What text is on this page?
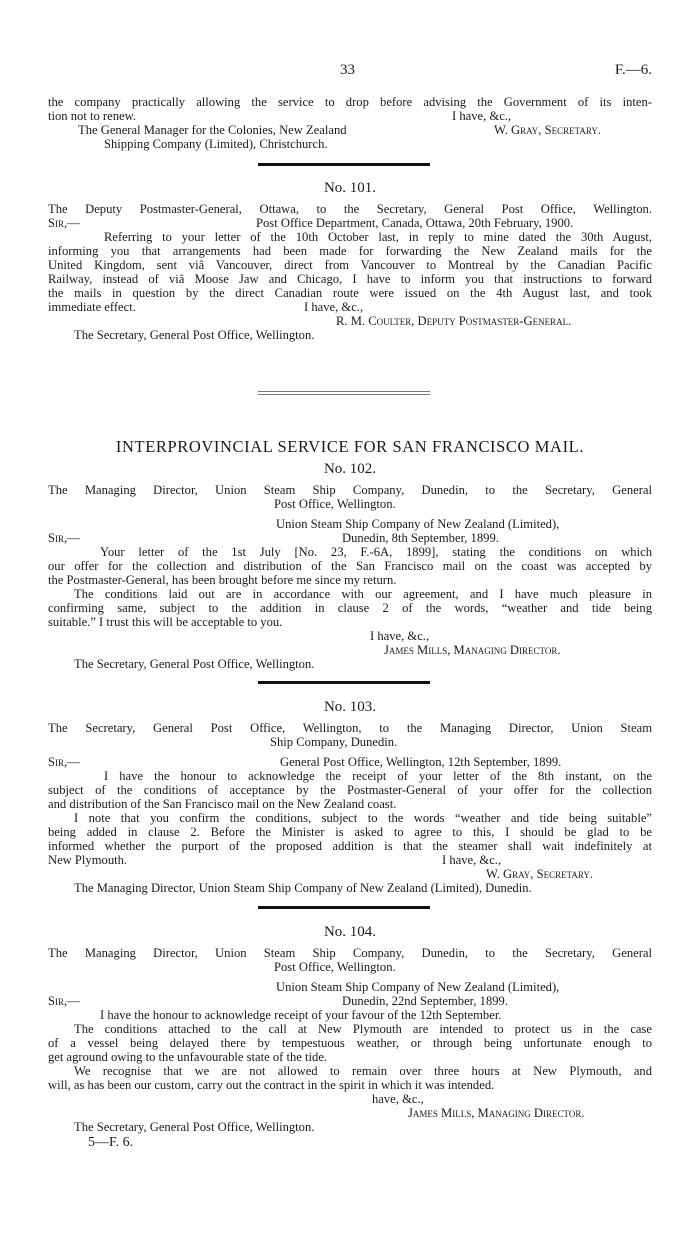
33	F.—6.
the company practically allowing the service to drop before advising the Government of its inten-
tion not to renew.	I have, &c.,
The General Manager for the Colonies, New Zealand	W. Gray, Secretary.
Shipping Company (Limited), Christchurch.
No. 101.
The Deputy Postmaster-General, Ottawa, to the Secretary, General Post Office, Wellington.
Sir,—	Post Office Department, Canada, Ottawa, 20th February, 1900.
Referring to your letter of the 10th October last, in reply to mine dated the 30th August,
informing you that arrangements had been made for forwarding the New Zealand mails for the
United Kingdom, sent viâ Vancouver, direct from Vancouver to Montreal by the Canadian Pacific
Railway, instead of viâ Moose Jaw and Chicago, I have to inform you that instructions to forward
the mails in question by the direct Canadian route were issued on the 4th August last, and took
immediate effect.	I have, &c.,
R. M. Coulter, Deputy Postmaster-General.
The Secretary, General Post Office, Wellington.
INTERPROVINCIAL SERVICE FOR SAN FRANCISCO MAIL.
No. 102.
The Managing Director, Union Steam Ship Company, Dunedin, to the Secretary, General
Post Office, Wellington.
Union Steam Ship Company of New Zealand (Limited),
Sir,—	Dunedin, 8th September, 1899.
Your letter of the 1st July [No. 23, F.-6A, 1899], stating the conditions on which
our offer for the collection and distribution of the San Francisco mail on the coast was accepted by
the Postmaster-General, has been brought before me since my return.
The conditions laid out are in accordance with our agreement, and I have much pleasure in
confirming same, subject to the addition in clause 2 of the words, “weather and tide being
suitable.” I trust this will be acceptable to you.
I have, &c.,
James Mills, Managing Director.
The Secretary, General Post Office, Wellington.
No. 103.
The Secretary, General Post Office, Wellington, to the Managing Director, Union Steam
Ship Company, Dunedin.
Sir,—	General Post Office, Wellington, 12th September, 1899.
I have the honour to acknowledge the receipt of your letter of the 8th instant, on the
subject of the conditions of acceptance by the Postmaster-General of your offer for the collection
and distribution of the San Francisco mail on the New Zealand coast.
I note that you confirm the conditions, subject to the words “weather and tide being suitable”
being added in clause 2. Before the Minister is asked to agree to this, I should be glad to be
informed whether the purport of the proposed addition is that the steamer shall wait indefinitely at
New Plymouth.	I have, &c.,
W. Gray, Secretary.
The Managing Director, Union Steam Ship Company of New Zealand (Limited), Dunedin.
No. 104.
The Managing Director, Union Steam Ship Company, Dunedin, to the Secretary, General
Post Office, Wellington.
Union Steam Ship Company of New Zealand (Limited),
Sir,—	Dunedin, 22nd September, 1899.
I have the honour to acknowledge receipt of your favour of the 12th September.
The conditions attached to the call at New Plymouth are intended to protect us in the case
of a vessel being delayed there by tempestuous weather, or through being unfortunate enough to
get aground owing to the unfavourable state of the tide.
We recognise that we are not allowed to remain over three hours at New Plymouth, and
will, as has been our custom, carry out the contract in the spirit in which it was intended.
have, &c.,
James Mills, Managing Director.
The Secretary, General Post Office, Wellington.
5—F. 6.
